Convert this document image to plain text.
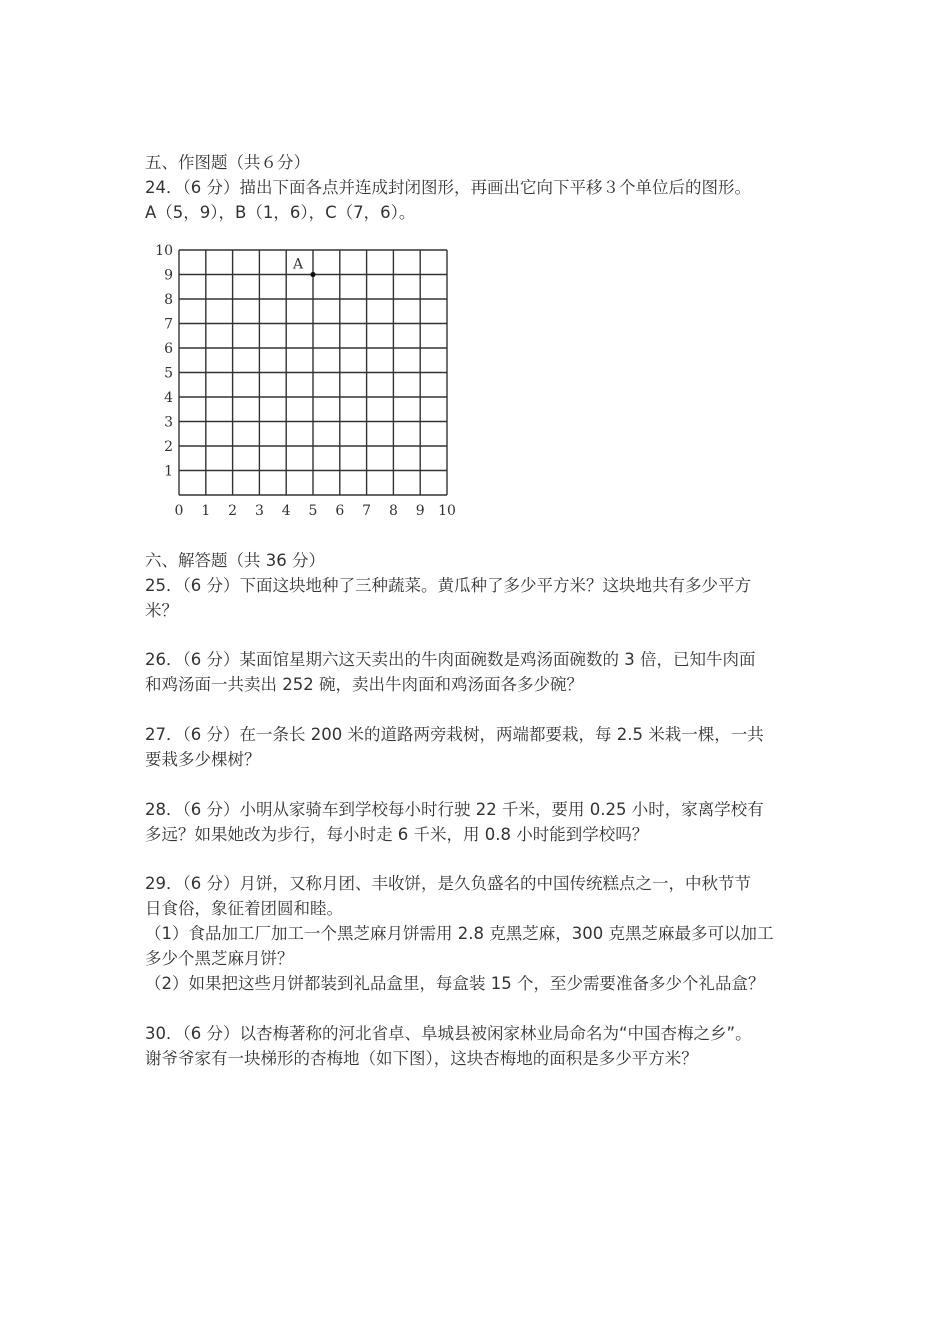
五、作图题（共６分）
24．（6 分）描出下面各点并连成封闭图形，再画出它向下平移３个单位后的图形。
A（5，9），B（1，6），C（7，6）。
0 1 2 3 4 5 6 7 8 9 10
1
2
3
4
5
6
7
8
9
10
A
六、解答题（共 36 分）
25．（6 分）下面这块地种了三种蔬菜。黄瓜种了多少平方米？这块地共有多少平方
米？
26．（6 分）某面馆星期六这天卖出的牛肉面碗数是鸡汤面碗数的 3 倍，已知牛肉面
和鸡汤面一共卖出 252 碗，卖出牛肉面和鸡汤面各多少碗？
27．（6 分）在一条长 200 米的道路两旁栽树，两端都要栽，每 2.5 米栽一棵，一共
要栽多少棵树？
28．（6 分）小明从家骑车到学校每小时行驶 22 千米，要用 0.25 小时，家离学校有
多远？如果她改为步行，每小时走 6 千米，用 0.8 小时能到学校吗？
29．（6 分）月饼，又称月团、丰收饼，是久负盛名的中国传统糕点之一，中秋节节
日食俗，象征着团圆和睦。
（1）食品加工厂加工一个黑芝麻月饼需用 2.8 克黑芝麻，300 克黑芝麻最多可以加工
多少个黑芝麻月饼？
（2）如果把这些月饼都装到礼品盒里，每盒装 15 个，至少需要准备多少个礼品盒？
30．（6 分）以杏梅著称的河北省卓、阜城县被闲家林业局命名为“中国杏梅之乡”。
谢爷爷家有一块梯形的杏梅地（如下图），这块杏梅地的面积是多少平方米？
